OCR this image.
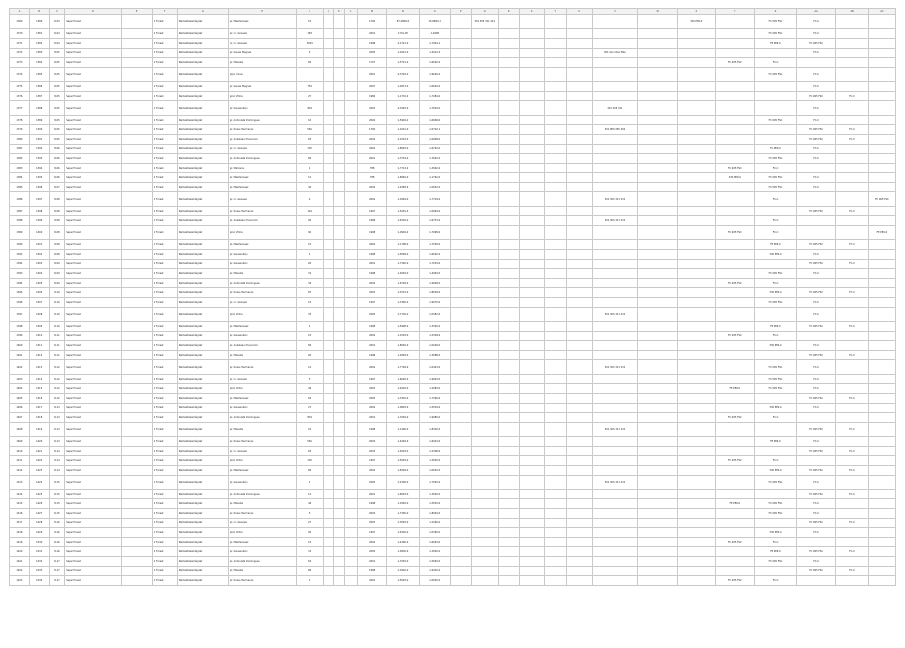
A	B	C	D	E	F	G	H	I	J	K	L	M	N	O	P	Q	R	S	T	U	V	W	X	Y	Z	AA	AB	AC
1369	1380	8-03	Sepsi Forest		1 Forest	Nemzetiszemélyzet	pr. Mezősicsesz	15				1700	87-2808-0	15-8893-1		301 305 311 321							330 PP9-0		FC 005 FSC	FC-C		
1370	1381	8-04	Sepsi Forest		1 Forest	Nemzetiszemélyzet	pr. nr. Genesis	183				2001	1701-05	1-4908											FC 005 FSC	FC-C		
1371	1382	8-04	Sepsi Forest		1 Forest	Nemzetiszemélyzet	nr. nr. Genesis	3024				1998	4-1721-0	1-7904-1											FE PP9-0	FC 005 FSC		
1372	1383	8-05	Sepsi Forest		1 Forest	Nemzetiszemélyzet	pr. Genes Magnes	5				2005	1-1623-0	1-2012-3							301 Osci Osci Blsc					FC-C		
1373	1384	8-05	Sepsi Forest		1 Forest	Nemzetiszemélyzet	pr. Misuata	82				1707	1-5721-0	1-6002-0										FC 005 FSC	FC-C			
1374	1385	8-05	Sepsi Forest		1 Forest	Nemzetiszemélyzet	prpo miuxi					2010	4-3703-0	1-9626-0											FC 005 FSC	FC-C		
1375	1386	8-05	Sepsi Forest		1 Forest	Nemzetiszemélyzet	pr. Genes Magnes	754				2007	1-0973-0	1-0602-0												FC-C		
1376	1387	8-05	Sepsi Forest		1 Forest	Nemzetiszemélyzet	prxo Vilma	27				1980	1-1732-0	1-7484-0												FC 005 FSC	FC-C	
1377	1388	8-05	Sepsi Forest		1 Forest	Nemzetiszemélyzet	pr. Genesnikov	834				2003	4-3493-0	1-7004-0							301 305 311					FC-C		
1378	1389	8-05	Sepsi Forest		1 Forest	Nemzetiszemélyzet	pr. Antonieta Domingues	10				2004	1-5994-0	1-0608-0											FC 005 FSC	FC-C		
1379	1390	8-05	Sepsi Forest		1 Forest	Nemzetiszemélyzet	pr. Kraus Hermanos	562				1700	1-1021-0	1-0702-1							301 PP9 305 304					FC 005 FSC	FC-C	
1380	1391	8-05	Sepsi Forest		1 Forest	Nemzetiszemélyzet	pr. Anastasiu Tuvoniczo	63				2002	4-1523-0	1-0908-0												FC 005 FSC	FC-C	
1381	1392	8-06	Sepsi Forest		1 Forest	Nemzetiszemélyzet	pr. nr. Genesis	135				2004	1-8093-0	1-6702-0											FC PP9-0	FC-C		
1382	1393	8-06	Sepsi Forest		1 Forest	Nemzetiszemélyzet	pr. Antonieta Domingues	84				2001	1-3734-0	1-7642-0											FC 005 FSC	FC-C		
1383	1394	8-06	Sepsi Forest		1 Forest	Nemzetiszemélyzet	pr. Mehrens	1				788	1-7713-0	1-3992-0										FC 005 FSC	FC-C			
1384	1395	8-06	Sepsi Forest		1 Forest	Nemzetiszemélyzet	pr. Mezősicsesz	12				788	1-8992-0	1-1792-0										330 PP9-0	FC 005 FSC	FC-C		
1385	1396	8-07	Sepsi Forest		1 Forest	Nemzetiszemélyzet	pr. Mezősicsesz	44				2004	1-4483-0	1-0052-0											FC 005 FSC	FC-C		
1386	1397	8-08	Sepsi Forest		1 Forest	Nemzetiszemélyzet	pr. nr. Genesis	4				2002	1-1804-0	1-7704-0							301 305 311 321				FC-C			FC 005 FSC
1387	1398	8-08	Sepsi Forest		1 Forest	Nemzetiszemélyzet	pr. Kraus Hermanos	124				1997	1-5291-0	1-0994-0												FC 005 FSC	FC-C	
1388	1399	8-08	Sepsi Forest		1 Forest	Nemzetiszemélyzet	pr. Anastasiu Tuvoniczo	20				1998	1-4502-0	1-6733-0							301 305 311 321				FC-C			
1389	1400	8-08	Sepsi Forest		1 Forest	Nemzetiszemélyzet	prxo Vilma	92				1998	1-0904-0	1-7098-0										FC 005 FSC	FC-C			FE PP9-0
1390	1401	8-08	Sepsi Forest		1 Forest	Nemzetiszemélyzet	pr. Mezősicsesz	15				2004	1-1798-0	1-7038-0											FE PP9-0	FC 005 FSC	FC-C	
1391	1402	8-08	Sepsi Forest		1 Forest	Nemzetiszemélyzet	pr. Genesnikov	1				1998	1-5099-0	1-6002-0											330 PP9-0	FC-C		
1392	1403	8-09	Sepsi Forest		1 Forest	Nemzetiszemélyzet	pr. Genesnikov	20				2001	1-7392-0	1-7034-0												FC 005 FSC	FC-C	
1393	1404	8-09	Sepsi Forest		1 Forest	Nemzetiszemélyzet	pr. Misuata	31				1998	1-9293-0	1-4993-0											FC 005 FSC	FC-C		
1394	1405	8-09	Sepsi Forest		1 Forest	Nemzetiszemélyzet	pr. Antonieta Domingues	34				2004	1-6794-0	1-9928-0										FC 005 FSC	FC-C			
1395	1406	8-10	Sepsi Forest		1 Forest	Nemzetiszemélyzet	pr. Kraus Hermanos	87				2003	1-0723-0	1-8028-0											330 PP9-0	FC 005 FSC	FC-C	
1396	1407	8-10	Sepsi Forest		1 Forest	Nemzetiszemélyzet	pr. nr. Genesis	15				1997	1-3390-0	1-9070-0											FC 005 FSC	FC-C		
1397	1408	8-10	Sepsi Forest		1 Forest	Nemzetiszemélyzet	prxo Vilma	33				2005	1-7702-0	1-0382-0							301 305 311 321					FC-C		
1398	1409	8-10	Sepsi Forest		1 Forest	Nemzetiszemélyzet	pr. Mezősicsesz	1				1998	1-5998-0	1-3320-0											FE PP9-0	FC 005 FSC	FC-C	
1399	1410	8-11	Sepsi Forest		1 Forest	Nemzetiszemélyzet	pr. Genesnikov	15				2004	1-1503-0	1-2309-0										FC 005 FSC	FC-C			
1400	1411	8-11	Sepsi Forest		1 Forest	Nemzetiszemélyzet	pr. Anastasiu Tuvoniczo	84				2001	1-8092-0	1-0209-0											330 PP9-0	FC-C		
1401	1412	8-11	Sepsi Forest		1 Forest	Nemzetiszemélyzet	pr. Misuata	20				1998	1-2993-0	1-3088-0												FC 005 FSC	FC-C	
1402	1413	8-12	Sepsi Forest		1 Forest	Nemzetiszemélyzet	pr. Kraus Hermanos	12				2002	1-7794-0	1-0423-0							301 305 311 321				FC 005 FSC	FC-C		
1403	1414	8-12	Sepsi Forest		1 Forest	Nemzetiszemélyzet	pr. nr. Genesis	5				1997	1-6020-0	1-9903-0											FC 005 FSC	FC-C		
1404	1415	8-12	Sepsi Forest		1 Forest	Nemzetiszemélyzet	prxo Vilma	44				2003	1-4903-0	1-2083-0										FE PP9-0	FC 005 FSC	FC-C		
1405	1416	8-12	Sepsi Forest		1 Forest	Nemzetiszemélyzet	pr. Mezősicsesz	63				2005	1-3302-0	1-7390-0												FC 005 FSC	FC-C	
1406	1417	8-13	Sepsi Forest		1 Forest	Nemzetiszemélyzet	pr. Genesnikov	27				2004	1-0893-0	1-5504-0											330 PP9-0	FC-C		
1407	1418	8-13	Sepsi Forest		1 Forest	Nemzetiszemélyzet	pr. Antonieta Domingues	834				2001	1-7094-0	1-9080-0										FC 005 FSC	FC-C			
1408	1419	8-13	Sepsi Forest		1 Forest	Nemzetiszemélyzet	pr. Misuata	10				1998	1-1390-0	1-8302-0							301 305 311 321					FC 005 FSC	FC-C	
1409	1420	8-13	Sepsi Forest		1 Forest	Nemzetiszemélyzet	pr. Kraus Hermanos	562				2002	1-4493-0	1-6023-0											FE PP9-0	FC-C		
1410	1421	8-14	Sepsi Forest		1 Forest	Nemzetiszemélyzet	pr. nr. Genesis	63				2003	1-9203-0	1-2308-0												FC 005 FSC	FC-C	
1411	1422	8-14	Sepsi Forest		1 Forest	Nemzetiszemélyzet	prxo Vilma	135				1997	1-5029-0	1-4930-0										FC 005 FSC	FC-C			
1412	1423	8-14	Sepsi Forest		1 Forest	Nemzetiszemélyzet	pr. Mezősicsesz	84				2004	1-8304-0	1-0932-0											330 PP9-0	FC 005 FSC	FC-C	
1413	1424	8-15	Sepsi Forest		1 Forest	Nemzetiszemélyzet	pr. Genesnikov	1				2005	1-2390-0	1-7093-0							301 305 311 321				FC 005 FSC	FC-C		
1414	1425	8-15	Sepsi Forest		1 Forest	Nemzetiszemélyzet	pr. Antonieta Domingues	12				2001	1-6093-0	1-3902-0												FC 005 FSC	FC-C	
1415	1426	8-15	Sepsi Forest		1 Forest	Nemzetiszemélyzet	pr. Misuata	44				1998	1-0392-0	1-5503-0										FE PP9-0	FC 005 FSC	FC-C		
1416	1427	8-15	Sepsi Forest		1 Forest	Nemzetiszemélyzet	pr. Kraus Hermanos	5				2002	1-7390-0	1-8093-0											FC 005 FSC	FC-C		
1417	1428	8-16	Sepsi Forest		1 Forest	Nemzetiszemélyzet	pr. nr. Genesis	27				2003	1-3093-0	1-2390-0												FC 005 FSC	FC-C	
1418	1429	8-16	Sepsi Forest		1 Forest	Nemzetiszemélyzet	prxo Vilma	20				1997	1-9302-0	1-0390-0											330 PP9-0	FC-C		
1419	1430	8-16	Sepsi Forest		1 Forest	Nemzetiszemélyzet	pr. Mezősicsesz	15				2004	1-4390-0	1-6093-0										FC 005 FSC	FC-C			
1420	1431	8-16	Sepsi Forest		1 Forest	Nemzetiszemélyzet	pr. Genesnikov	31				2005	1-0930-0	1-3902-0											FE PP9-0	FC 005 FSC	FC-C	
1421	1432	8-17	Sepsi Forest		1 Forest	Nemzetiszemélyzet	pr. Antonieta Domingues	63				2001	1-7093-0	1-5093-0											FC 005 FSC	FC-C		
1422	1433	8-17	Sepsi Forest		1 Forest	Nemzetiszemélyzet	pr. Misuata	84				1998	1-3902-0	1-9302-0												FC 005 FSC	FC-C	
1423	1434	8-17	Sepsi Forest		1 Forest	Nemzetiszemélyzet	pr. Kraus Hermanos	1				2002	1-5093-0	1-0930-0										FC 005 FSC	FC-C			
